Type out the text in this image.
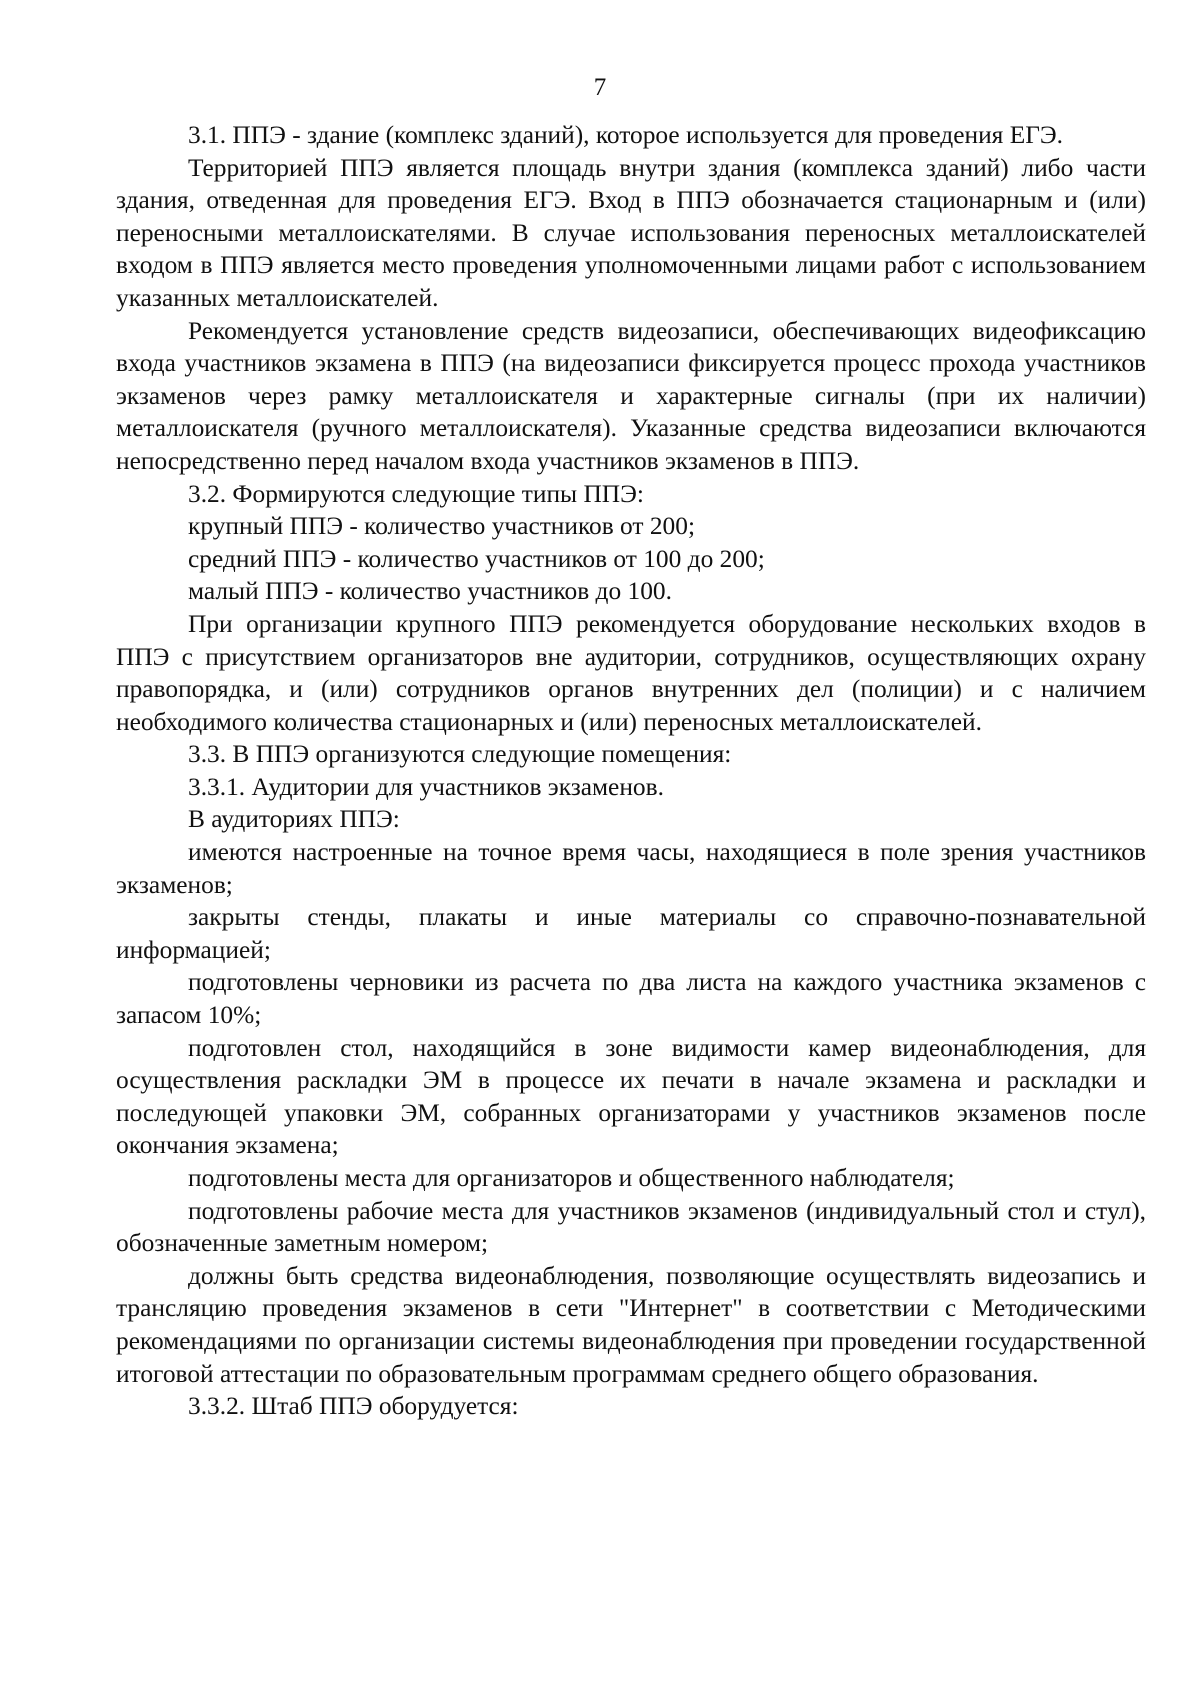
7

3.1. ППЭ - здание (комплекс зданий), которое используется для проведения ЕГЭ.

Территорией ППЭ является площадь внутри здания (комплекса зданий) либо части здания, отведенная для проведения ЕГЭ. Вход в ППЭ обозначается стационарным и (или) переносными металлоискателями. В случае использования переносных металлоискателей входом в ППЭ является место проведения уполномоченными лицами работ с использованием указанных металлоискателей.

Рекомендуется установление средств видеозаписи, обеспечивающих видеофиксацию входа участников экзамена в ППЭ (на видеозаписи фиксируется процесс прохода участников экзаменов через рамку металлоискателя и характерные сигналы (при их наличии) металлоискателя (ручного металлоискателя). Указанные средства видеозаписи включаются непосредственно перед началом входа участников экзаменов в ППЭ.

3.2. Формируются следующие типы ППЭ:

крупный ППЭ - количество участников от 200;

средний ППЭ - количество участников от 100 до 200;

малый ППЭ - количество участников до 100.

При организации крупного ППЭ рекомендуется оборудование нескольких входов в ППЭ с присутствием организаторов вне аудитории, сотрудников, осуществляющих охрану правопорядка, и (или) сотрудников органов внутренних дел (полиции) и с наличием необходимого количества стационарных и (или) переносных металлоискателей.

3.3. В ППЭ организуются следующие помещения:

3.3.1. Аудитории для участников экзаменов.

В аудиториях ППЭ:

имеются настроенные на точное время часы, находящиеся в поле зрения участников экзаменов;

закрыты стенды, плакаты и иные материалы со справочно-познавательной информацией;

подготовлены черновики из расчета по два листа на каждого участника экзаменов с запасом 10%;

подготовлен стол, находящийся в зоне видимости камер видеонаблюдения, для осуществления раскладки ЭМ в процессе их печати в начале экзамена и раскладки и последующей упаковки ЭМ, собранных организаторами у участников экзаменов после окончания экзамена;

подготовлены места для организаторов и общественного наблюдателя;

подготовлены рабочие места для участников экзаменов (индивидуальный стол и стул), обозначенные заметным номером;

должны быть средства видеонаблюдения, позволяющие осуществлять видеозапись и трансляцию проведения экзаменов в сети "Интернет" в соответствии с Методическими рекомендациями по организации системы видеонаблюдения при проведении государственной итоговой аттестации по образовательным программам среднего общего образования.

3.3.2. Штаб ППЭ оборудуется:
